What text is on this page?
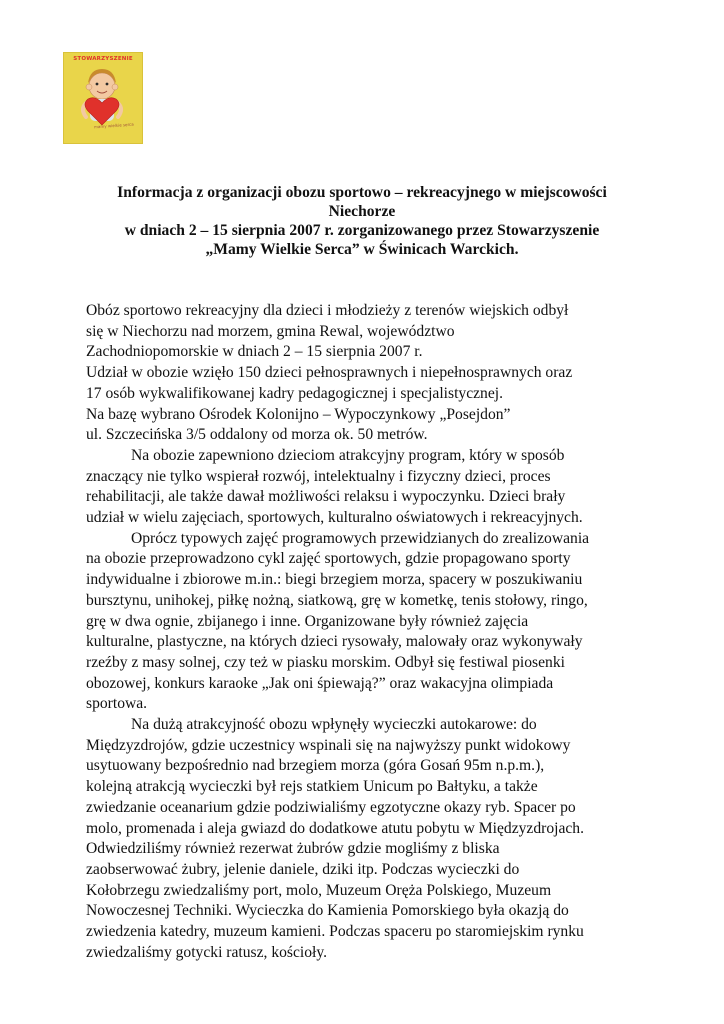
STOWARZYSZENIE
mamy wielkie serca
Informacja z organizacji obozu sportowo – rekreacyjnego w miejscowości
Niechorze
w dniach 2 – 15 sierpnia 2007 r. zorganizowanego przez Stowarzyszenie
„Mamy Wielkie Serca” w Świnicach Warckich.
Obóz sportowo rekreacyjny dla dzieci i młodzieży z terenów wiejskich odbył
się w Niechorzu nad morzem, gmina Rewal, województwo
Zachodniopomorskie w dniach 2 – 15 sierpnia 2007 r.
Udział w obozie wzięło 150 dzieci pełnosprawnych i niepełnosprawnych oraz
17 osób wykwalifikowanej kadry pedagogicznej i specjalistycznej.
Na bazę wybrano Ośrodek Kolonijno – Wypoczynkowy „Posejdon”
ul. Szczecińska 3/5 oddalony od morza ok. 50 metrów.
Na obozie zapewniono dzieciom atrakcyjny program, który w sposób
znaczący nie tylko wspierał rozwój, intelektualny i fizyczny dzieci, proces
rehabilitacji, ale także dawał możliwości relaksu i wypoczynku. Dzieci brały
udział w wielu zajęciach, sportowych, kulturalno oświatowych i rekreacyjnych.
Oprócz typowych zajęć programowych przewidzianych do zrealizowania
na obozie przeprowadzono cykl zajęć sportowych, gdzie propagowano sporty
indywidualne i zbiorowe m.in.: biegi brzegiem morza, spacery w poszukiwaniu
bursztynu, unihokej, piłkę nożną, siatkową, grę w kometkę, tenis stołowy, ringo,
grę w dwa ognie, zbijanego i inne. Organizowane były również zajęcia
kulturalne, plastyczne, na których dzieci rysowały, malowały oraz wykonywały
rzeźby z masy solnej, czy też w piasku morskim. Odbył się festiwal piosenki
obozowej, konkurs karaoke „Jak oni śpiewają?” oraz wakacyjna olimpiada
sportowa.
Na dużą atrakcyjność obozu wpłynęły wycieczki autokarowe: do
Międzyzdrojów, gdzie uczestnicy wspinali się na najwyższy punkt widokowy
usytuowany bezpośrednio nad brzegiem morza (góra Gosań 95m n.p.m.),
kolejną atrakcją wycieczki był rejs statkiem Unicum po Bałtyku, a także
zwiedzanie oceanarium gdzie podziwialiśmy egzotyczne okazy ryb. Spacer po
molo, promenada i aleja gwiazd do dodatkowe atutu pobytu w Międzyzdrojach.
Odwiedziliśmy również rezerwat żubrów gdzie mogliśmy z bliska
zaobserwować żubry, jelenie daniele, dziki itp. Podczas wycieczki do
Kołobrzegu zwiedzaliśmy port, molo, Muzeum Oręża Polskiego, Muzeum
Nowoczesnej Techniki. Wycieczka do Kamienia Pomorskiego była okazją do
zwiedzenia katedry, muzeum kamieni. Podczas spaceru po staromiejskim rynku
zwiedzaliśmy gotycki ratusz, kościoły.
